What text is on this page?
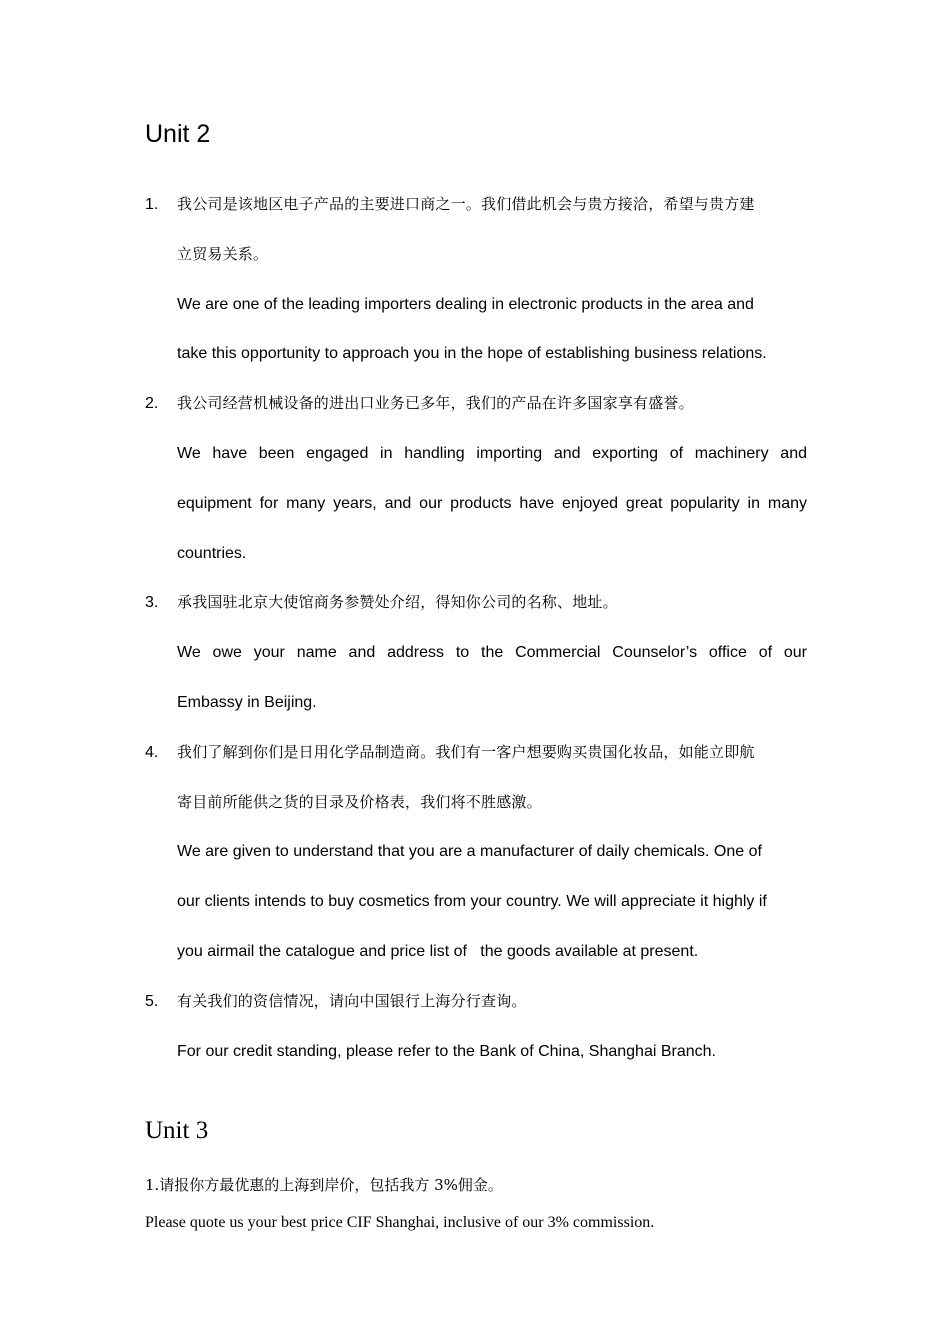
Unit 2
1. 我公司是该地区电子产品的主要进口商之一。我们借此机会与贵方接洽，希望与贵方建
立贸易关系。
We are one of the leading importers dealing in electronic products in the area and
take this opportunity to approach you in the hope of establishing business relations.
2. 我公司经营机械设备的进出口业务已多年，我们的产品在许多国家享有盛誉。
We have been engaged in handling importing and exporting of machinery and
equipment for many years, and our products have enjoyed great popularity in many
countries.
3. 承我国驻北京大使馆商务参赞处介绍，得知你公司的名称、地址。
We owe your name and address to the Commercial Counselor’s office of our
Embassy in Beijing.
4. 我们了解到你们是日用化学品制造商。我们有一客户想要购买贵国化妆品，如能立即航
寄目前所能供之货的目录及价格表，我们将不胜感激。
We are given to understand that you are a manufacturer of daily chemicals. One of
our clients intends to buy cosmetics from your country. We will appreciate it highly if
you airmail the catalogue and price list of   the goods available at present.
5. 有关我们的资信情况，请向中国银行上海分行查询。
For our credit standing, please refer to the Bank of China, Shanghai Branch.
Unit 3

1.请报你方最优惠的上海到岸价，包括我方 3%佣金。

Please quote us your best price CIF Shanghai, inclusive of our 3% commission.
